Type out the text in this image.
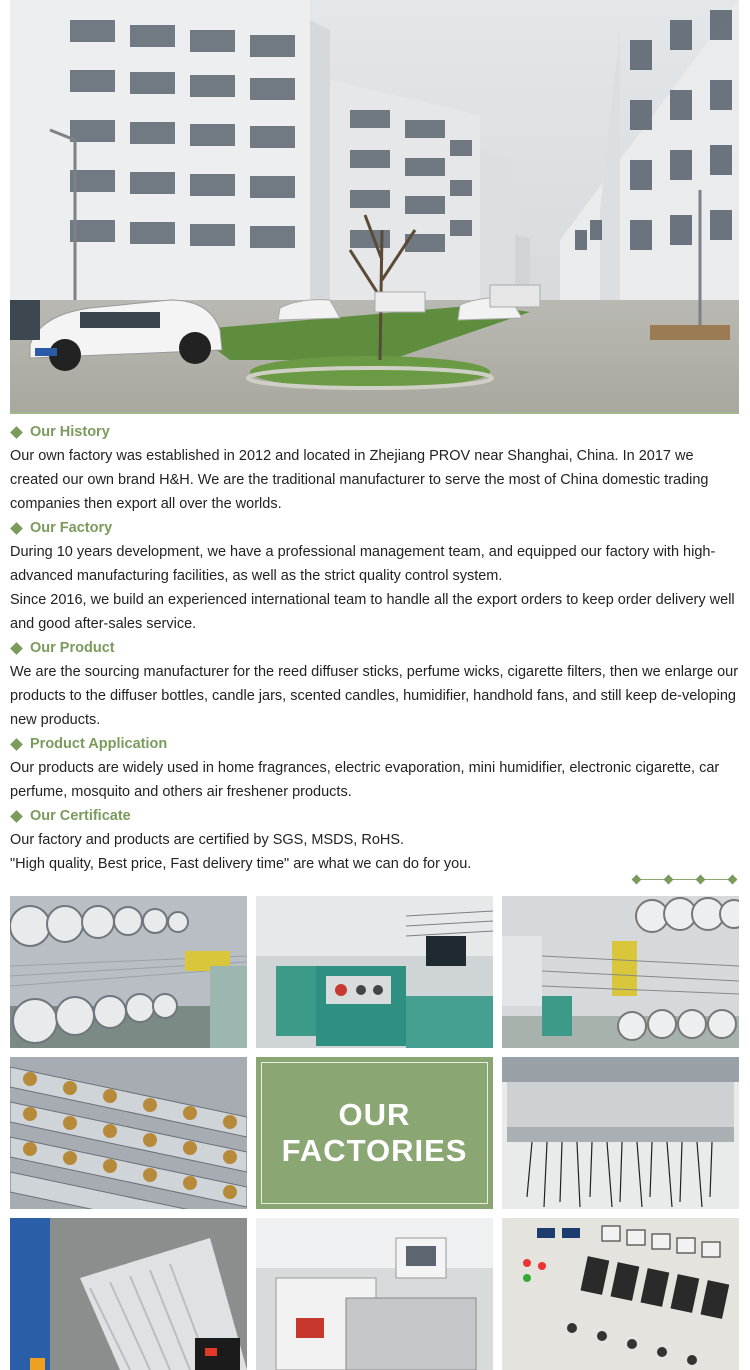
Our History
Our own factory was established in 2012 and located in Zhejiang PROV near Shanghai, China. In 2017 we created our own brand H&H. We are the traditional manufacturer to serve the most of China domestic trading companies then export all over the worlds.
Our Factory
During 10 years development, we have a professional management team, and equipped our factory with high-advanced manufacturing facilities, as well as the strict quality control system.
Since 2016, we build an experienced international team to handle all the export orders to keep order delivery well and good after-sales service.
Our Product
We are the sourcing manufacturer for the reed diffuser sticks, perfume wicks, cigarette filters, then we enlarge our products to the diffuser bottles, candle jars, scented candles, humidifier, handhold fans, and still keep de-veloping new products.
Product Application
Our products are widely used in home fragrances, electric evaporation, mini humidifier, electronic cigarette, car perfume, mosquito and others air freshener products.
Our Certificate
Our factory and products are certified by SGS, MSDS, RoHS.
"High quality, Best price, Fast delivery time" are what we can do for you.
OUR
FACTORIES
